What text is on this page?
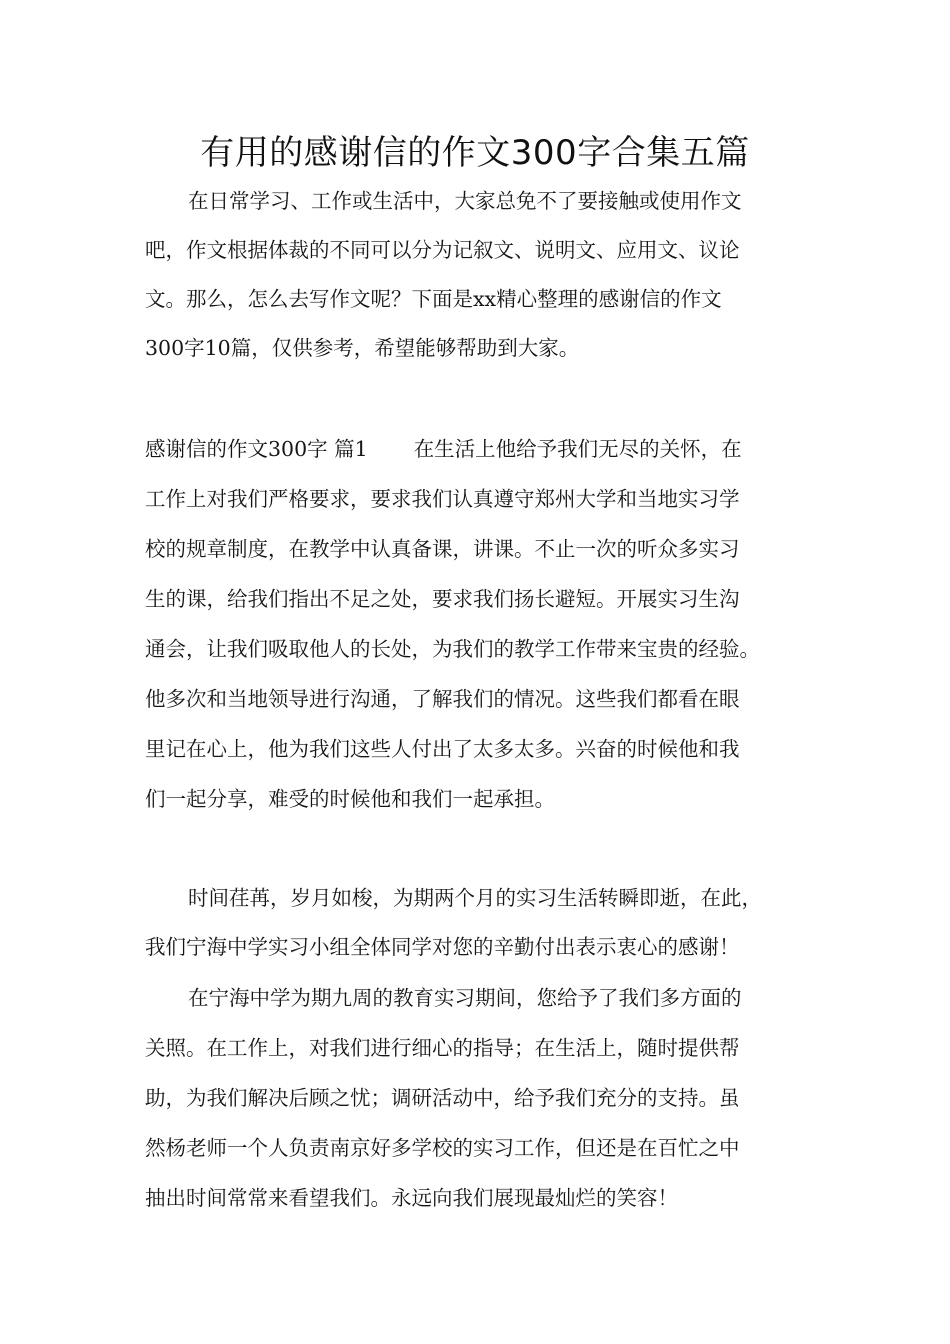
有用的感谢信的作文300字合集五篇
在日常学习、工作或生活中，大家总免不了要接触或使用作文
吧，作文根据体裁的不同可以分为记叙文、说明文、应用文、议论
文。那么，怎么去写作文呢？下面是xx精心整理的感谢信的作文
300字10篇，仅供参考，希望能够帮助到大家。
感谢信的作文300字 篇1 在生活上他给予我们无尽的关怀，在
工作上对我们严格要求，要求我们认真遵守郑州大学和当地实习学
校的规章制度，在教学中认真备课，讲课。不止一次的听众多实习
生的课，给我们指出不足之处，要求我们扬长避短。开展实习生沟
通会，让我们吸取他人的长处，为我们的教学工作带来宝贵的经验。
他多次和当地领导进行沟通，了解我们的情况。这些我们都看在眼
里记在心上，他为我们这些人付出了太多太多。兴奋的时候他和我
们一起分享，难受的时候他和我们一起承担。
时间荏苒，岁月如梭，为期两个月的实习生活转瞬即逝，在此，
我们宁海中学实习小组全体同学对您的辛勤付出表示衷心的感谢！
在宁海中学为期九周的教育实习期间，您给予了我们多方面的
关照。在工作上，对我们进行细心的指导；在生活上，随时提供帮
助，为我们解决后顾之忧；调研活动中，给予我们充分的支持。虽
然杨老师一个人负责南京好多学校的实习工作，但还是在百忙之中
抽出时间常常来看望我们。永远向我们展现最灿烂的笑容！
